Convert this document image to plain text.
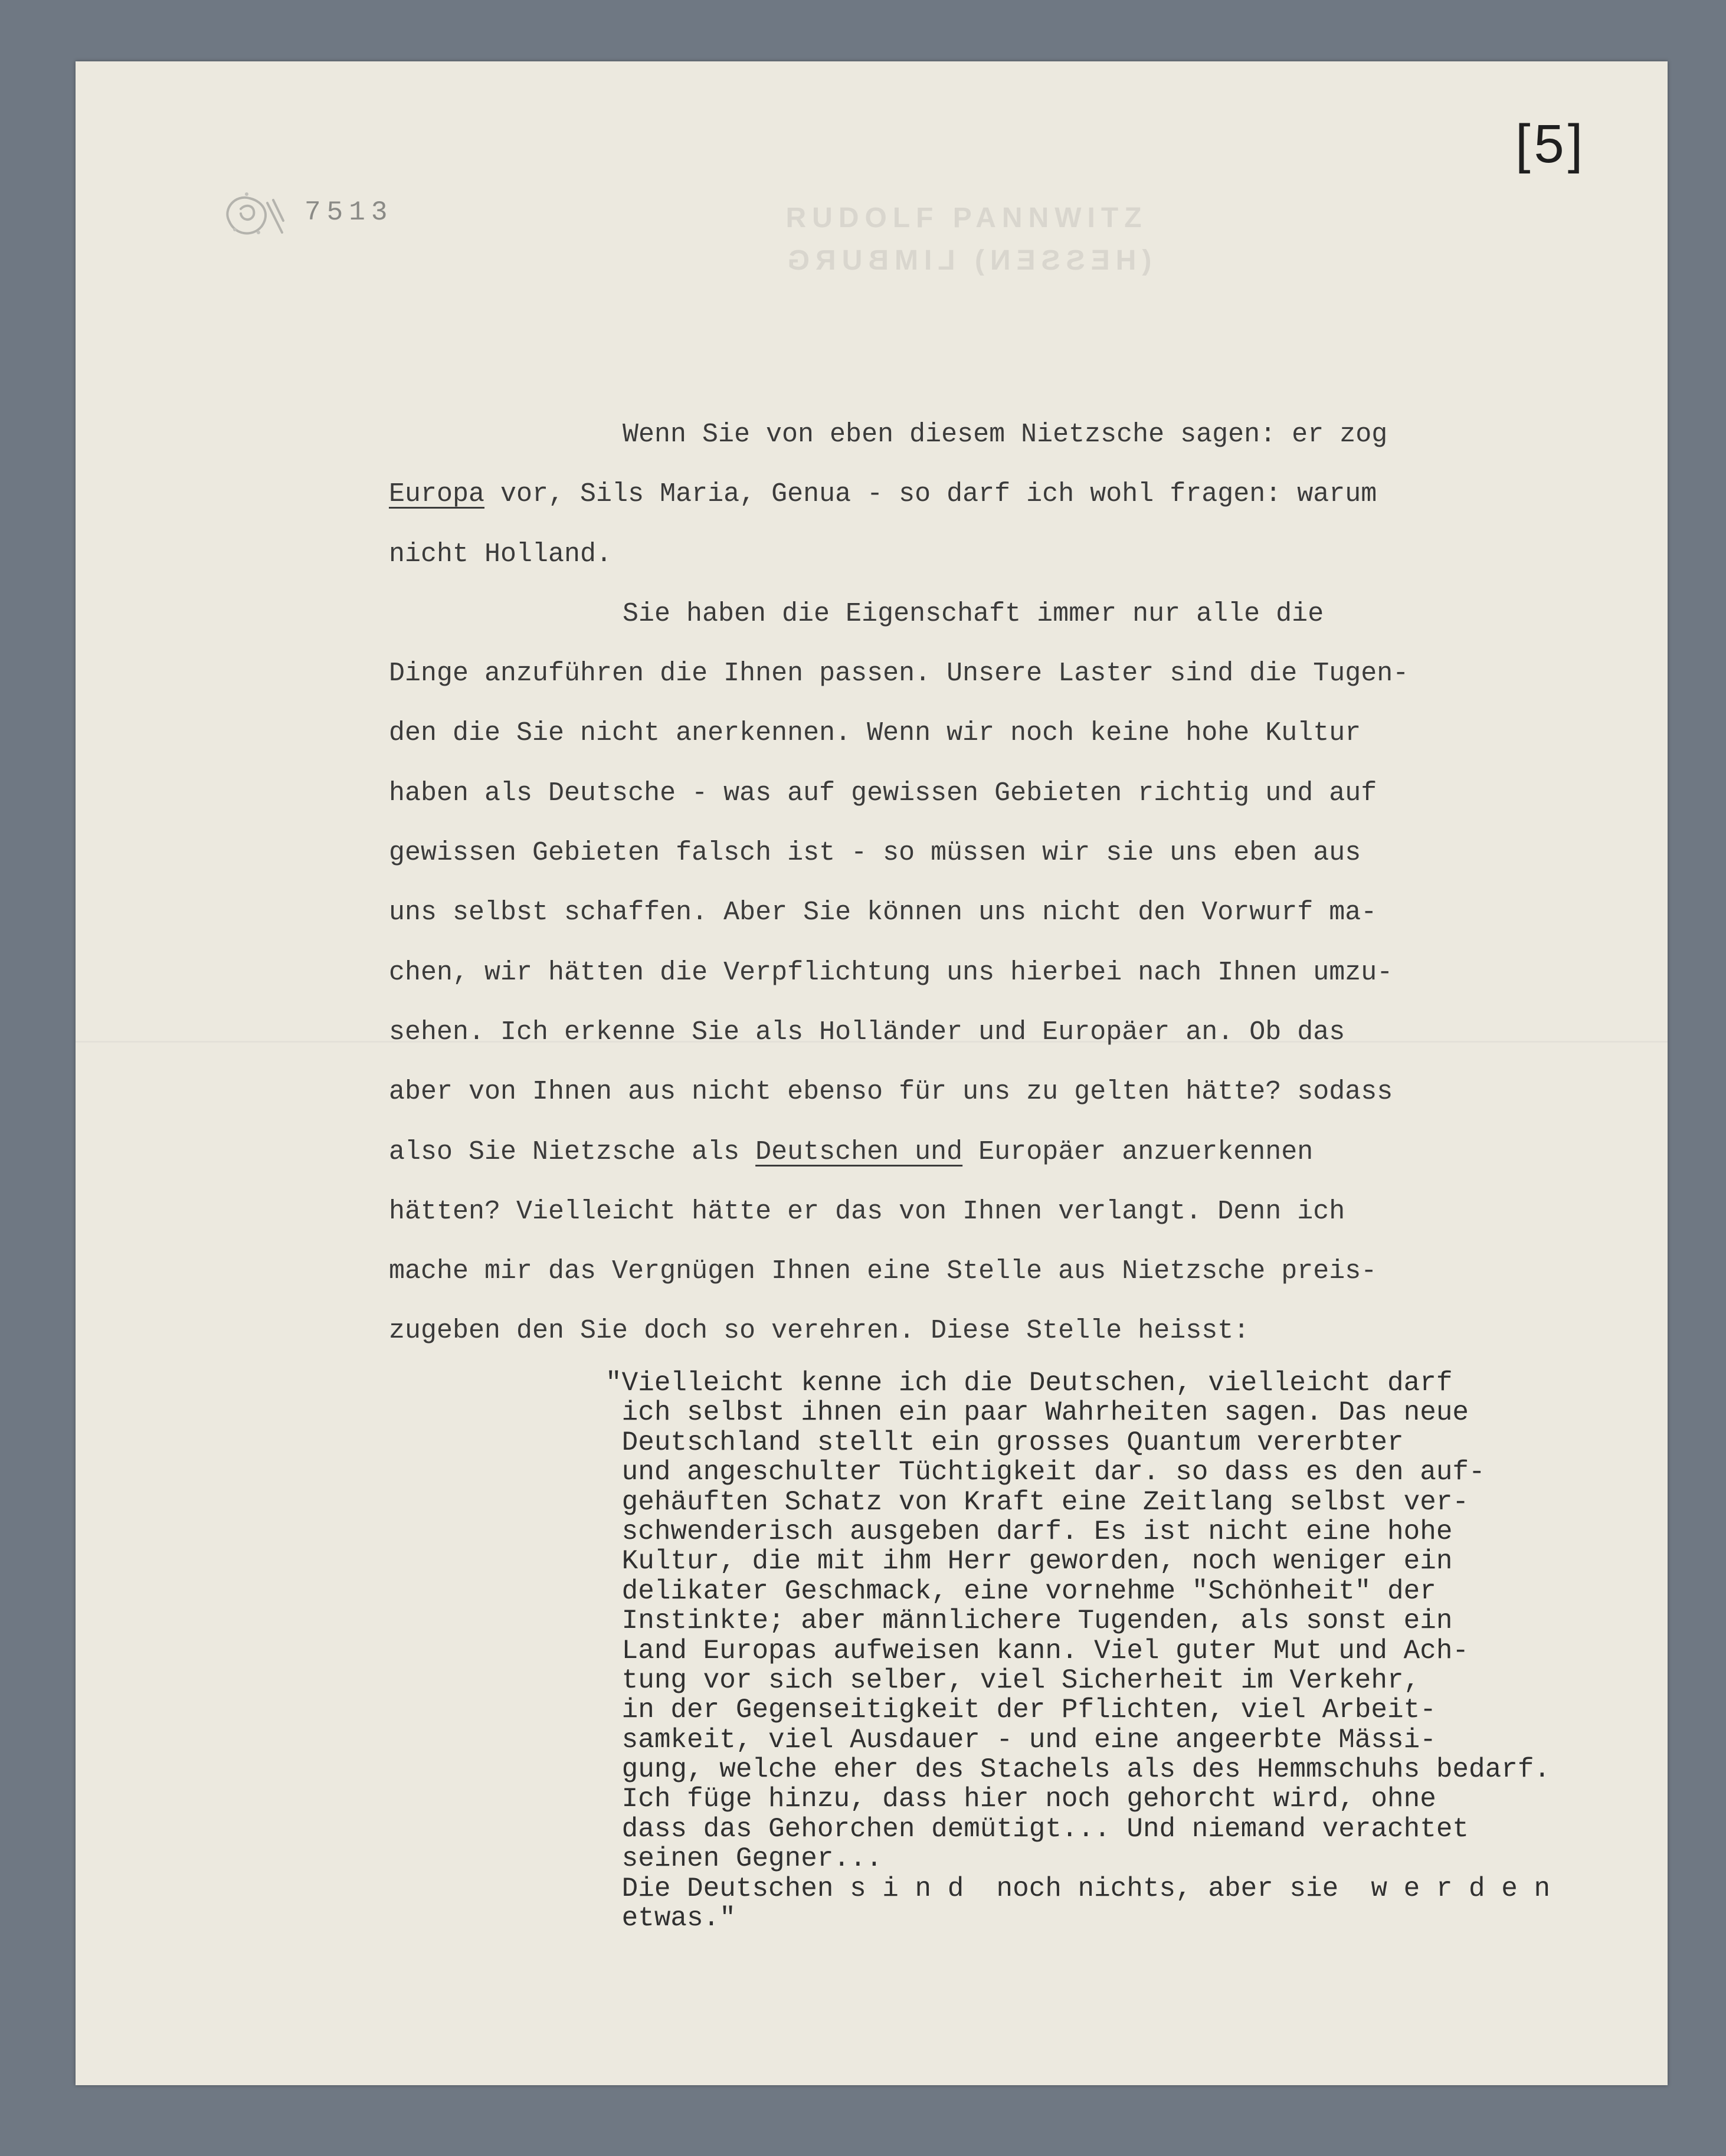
[5]
7513	RUDOLF PANNWITZ
(HESSEN) LIMBURG
Wenn Sie von eben diesem Nietzsche sagen: er zog
Europa vor, Sils Maria, Genua - so darf ich wohl fragen: warum
nicht Holland.
Sie haben die Eigenschaft immer nur alle die
Dinge anzuführen die Ihnen passen. Unsere Laster sind die Tugen-
den die Sie nicht anerkennen. Wenn wir noch keine hohe Kultur
haben als Deutsche - was auf gewissen Gebieten richtig und auf
gewissen Gebieten falsch ist - so müssen wir sie uns eben aus
uns selbst schaffen. Aber Sie können uns nicht den Vorwurf ma-
chen, wir hätten die Verpflichtung uns hierbei nach Ihnen umzu-
sehen. Ich erkenne Sie als Holländer und Europäer an. Ob das
aber von Ihnen aus nicht ebenso für uns zu gelten hätte? sodass
also Sie Nietzsche als Deutschen und Europäer anzuerkennen
hätten? Vielleicht hätte er das von Ihnen verlangt. Denn ich
mache mir das Vergnügen Ihnen eine Stelle aus Nietzsche preis-
zugeben den Sie doch so verehren. Diese Stelle heisst:
"Vielleicht kenne ich die Deutschen, vielleicht darf
ich selbst ihnen ein paar Wahrheiten sagen. Das neue
Deutschland stellt ein grosses Quantum vererbter
und angeschulter Tüchtigkeit dar. so dass es den auf-
gehäuften Schatz von Kraft eine Zeitlang selbst ver-
schwenderisch ausgeben darf. Es ist nicht eine hohe
Kultur, die mit ihm Herr geworden, noch weniger ein
delikater Geschmack, eine vornehme "Schönheit" der
Instinkte; aber männlichere Tugenden, als sonst ein
Land Europas aufweisen kann. Viel guter Mut und Ach-
tung vor sich selber, viel Sicherheit im Verkehr,
in der Gegenseitigkeit der Pflichten, viel Arbeit-
samkeit, viel Ausdauer - und eine angeerbte Mässi-
gung, welche eher des Stachels als des Hemmschuhs bedarf.
Ich füge hinzu, dass hier noch gehorcht wird, ohne
dass das Gehorchen demütigt... Und niemand verachtet
seinen Gegner...
Die Deutschen s i n d  noch nichts, aber sie  w e r d e n
etwas."
